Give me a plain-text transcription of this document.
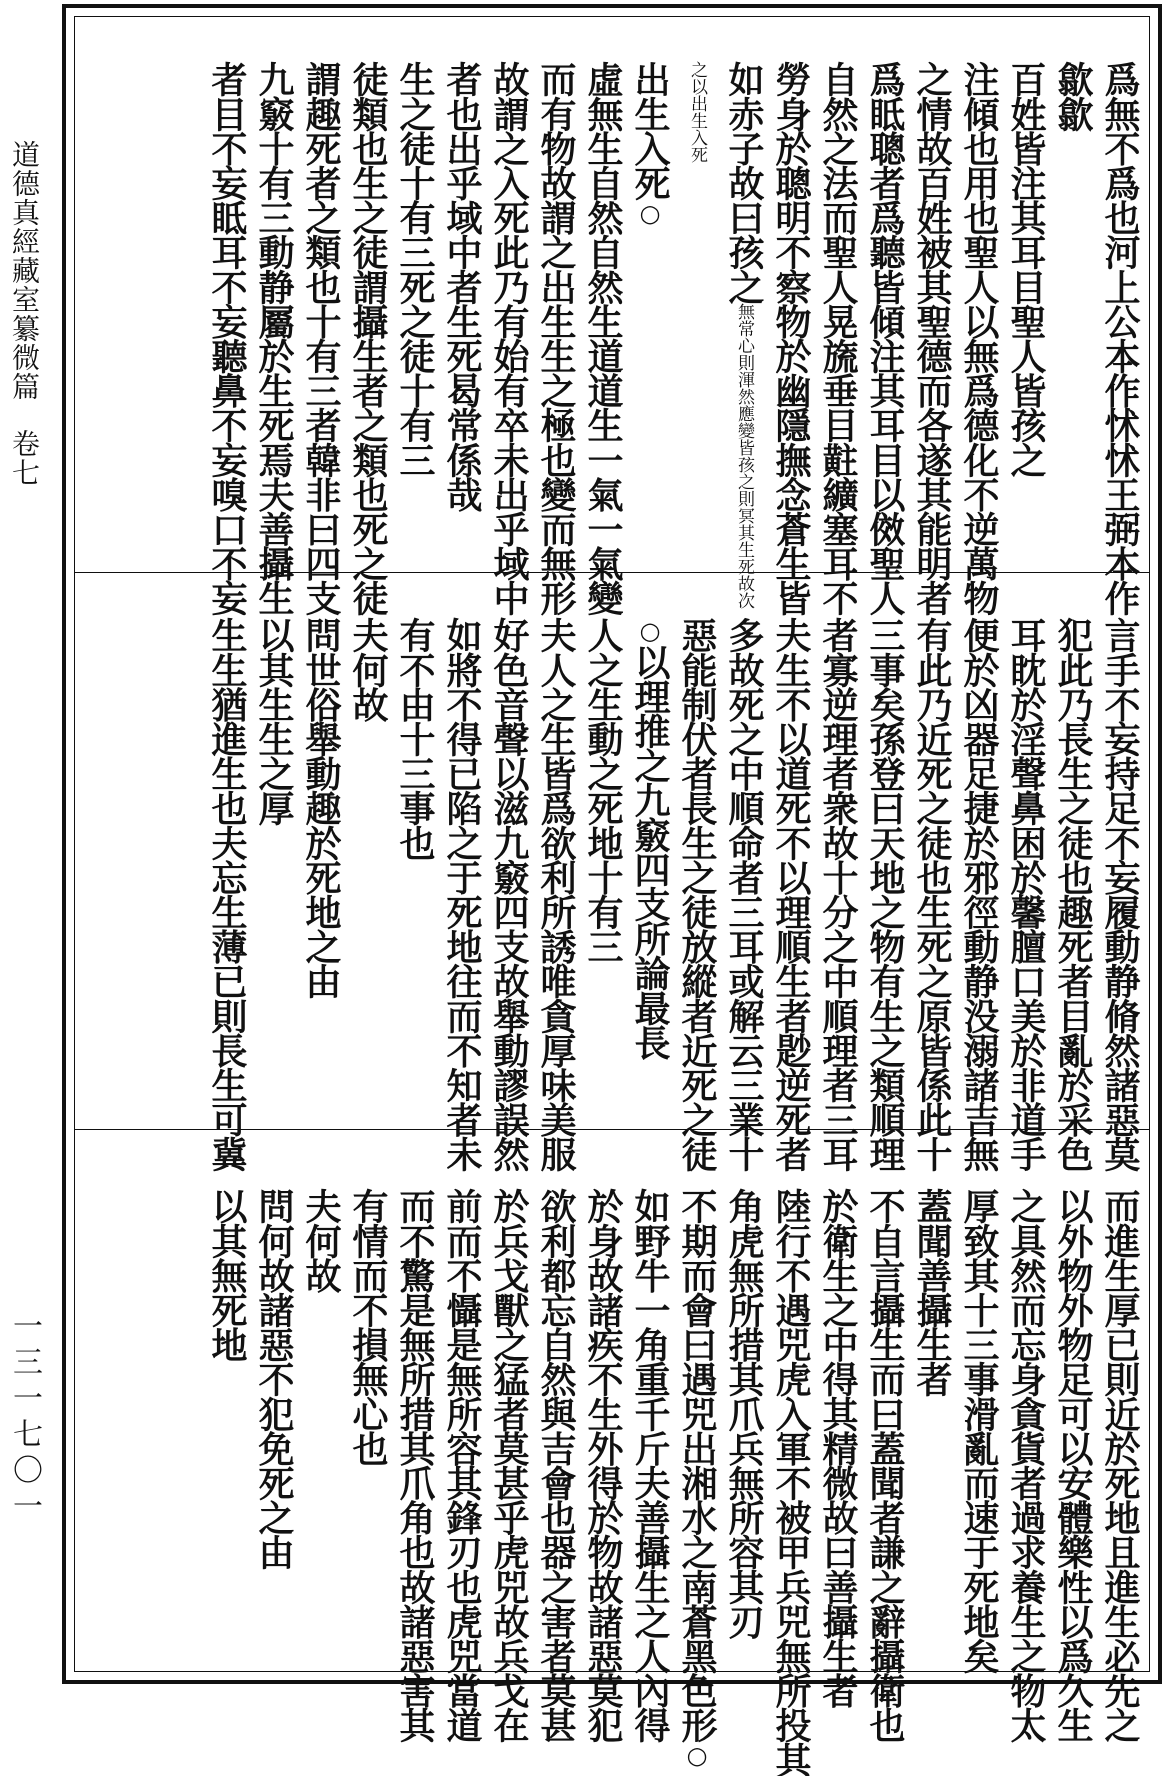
道德真經藏室纂微篇卷七
一三一七〇一
爲無不爲也河上公本作怵怵王弼本作
歙歙
百姓皆注其耳目聖人皆孩之
注傾也用也聖人以無爲德化不逆萬物
之情故百姓被其聖德而各遂其能明者
爲眡聰者爲聽皆傾注其耳目以傚聖人
自然之法而聖人晃旒垂目黈纊塞耳不
勞身於聰明不察物於幽隱撫念蒼生皆
如赤子故曰孩之無常心則渾然應變皆孩之則冥其生死故次
之以出生入死
出生入死○
虛無生自然自然生道道生一氣一氣變
而有物故謂之出生生之極也變而無形
故謂之入死此乃有始有卒未出乎域中
者也出乎域中者生死曷常係哉
生之徒十有三死之徒十有三
徒類也生之徒謂攝生者之類也死之徒
謂趣死者之類也十有三者韓非曰四支
九竅十有三動静屬於生死焉夫善攝生
者目不妄眡耳不妄聽鼻不妄嗅口不妄
言手不妄持足不妄履動静脩然諸惡莫
犯此乃長生之徒也趣死者目亂於采色
耳眈於淫聲鼻困於馨膻口美於非道手
便於凶器足捷於邪徑動静没溺諸吉無
有此乃近死之徒也生死之原皆係此十
三事矣孫登曰天地之物有生之類順理
者寡逆理者衆故十分之中順理者三耳
夫生不以道死不以理順生者尟逆死者
多故死之中順命者三耳或解云三業十
惡能制伏者長生之徒放縱者近死之徒
○以理推之九竅四支所論最長
人之生動之死地十有三
夫人之生皆爲欲利所誘唯貪厚味美服
好色音聲以滋九竅四支故舉動謬誤然
如將不得已陷之于死地往而不知者未
有不由十三事也
夫何故
問世俗舉動趣於死地之由
以其生生之厚
生生猶進生也夫忘生薄已則長生可冀
而進生厚已則近於死地且進生必先之
以外物外物足可以安體樂性以爲久生
之具然而忘身貪貨者過求養生之物太
厚致其十三事滑亂而速于死地矣
蓋聞善攝生者
不自言攝生而曰蓋聞者謙之辭攝衛也
於衛生之中得其精微故曰善攝生者
陸行不遇兕虎入軍不被甲兵兕無所投其
角虎無所措其爪兵無所容其刃
不期而會曰遇兕出湘水之南蒼黑色形○
如野牛一角重千斤夫善攝生之人內得
於身故諸疾不生外得於物故諸惡莫犯
欲利都忘自然與吉會也器之害者莫甚
於兵戈獸之猛者莫甚乎虎兕故兵戈在
前而不懾是無所容其鋒刃也虎兕當道
而不驚是無所措其爪角也故諸惡害其
有情而不損無心也
夫何故
問何故諸惡不犯免死之由
以其無死地
